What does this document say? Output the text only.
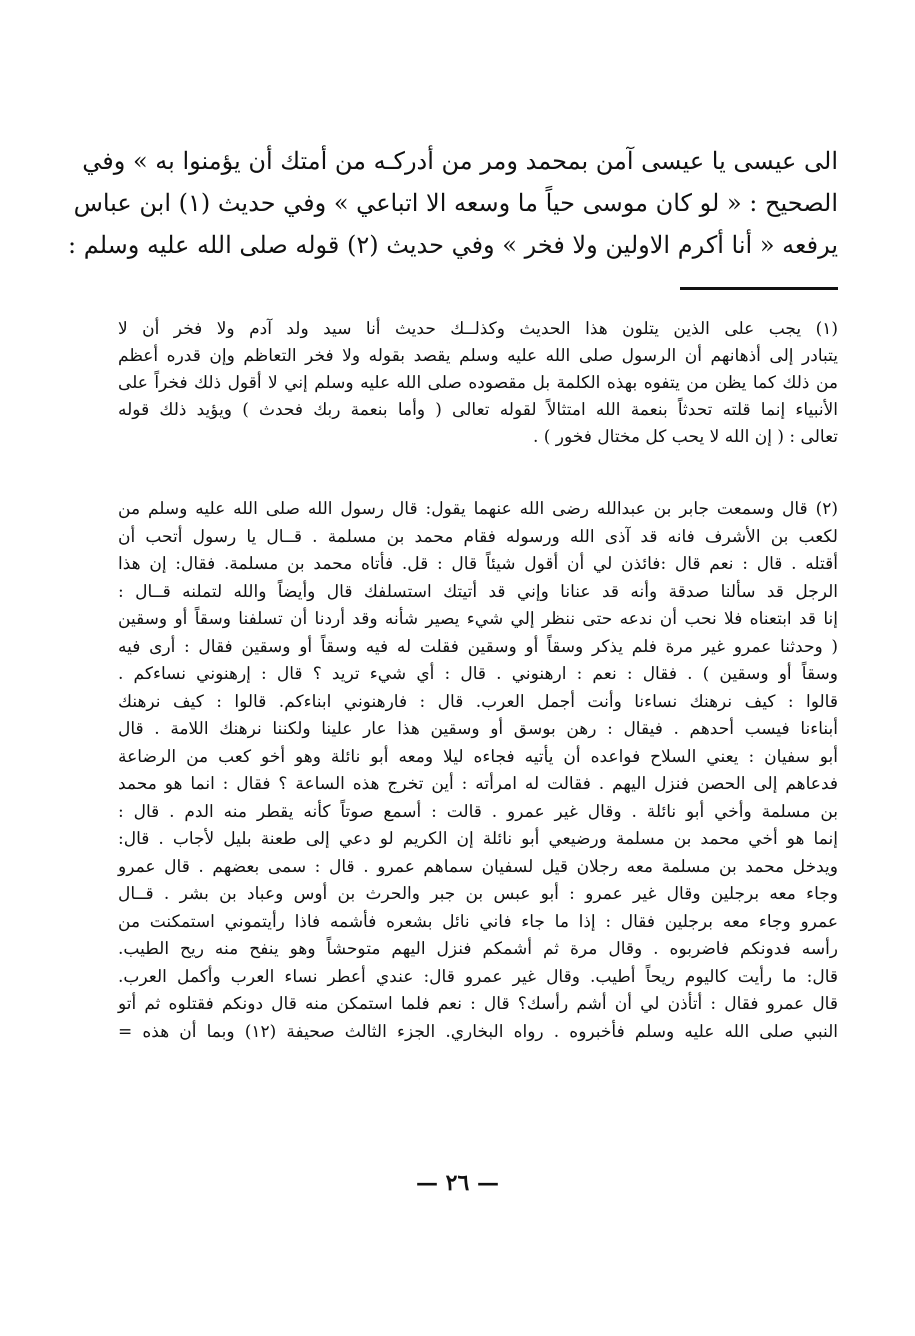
الى عيسى يا عيسى آمن بمحمد ومر من أدركـه من أمتك أن يؤمنوا به » وفي
الصحيح : « لو كان موسى حياً ما وسعه الا اتباعي » وفي حديث (١) ابن عباس
يرفعه « أنا أكرم الاولين ولا فخر » وفي حديث (٢) قوله صلى الله عليه وسلم :
(١) يجب على الذين يتلون هذا الحديث وكذلــك حديث أنا سيد ولد آدم ولا فخر أن لا
يتبادر إلى أذهانهم أن الرسول صلى الله عليه وسلم يقصد بقوله ولا فخر التعاظم وإن قدره أعظم
من ذلك كما يظن من يتفوه بهذه الكلمة بل مقصوده صلى الله عليه وسلم إني لا أقول ذلك فخراً على
الأنبياء إنما قلته تحدثاً بنعمة الله امتثالاً لقوله تعالى ( وأما بنعمة ربك فحدث ) ويؤيد ذلك قوله
تعالى : ( إن الله لا يحب كل مختال فخور ) .
(٢) قال وسمعت جابر بن عبدالله رضى الله عنهما يقول: قال رسول الله صلى الله عليه وسلم من
لكعب بن الأشرف فانه قد آذى الله ورسوله فقام محمد بن مسلمة . قــال يا رسول أتحب أن
أقتله . قال : نعم قال :فائذن لي أن أقول شيئاً قال : قل. فأتاه محمد بن مسلمة. فقال: إن هذا
الرجل قد سألنا صدقة وأنه قد عنانا وإني قد أتيتك استسلفك قال وأيضاً والله لتملنه قــال :
إنا قد ابتعناه فلا نحب أن ندعه حتى ننظر إلي شيء يصير شأنه وقد أردنا أن تسلفنا وسقاً أو وسقين
( وحدثنا عمرو غير مرة فلم يذكر وسقاً أو وسقين فقلت له فيه وسقاً أو وسقين فقال : أرى فيه
وسقاً أو وسقين ) . فقال : نعم : ارهنوني . قال : أي شيء تريد ؟ قال : إرهنوني نساءكم .
قالوا : كيف نرهنك نساءنا وأنت أجمل العرب. قال : فارهنوني ابناءكم. قالوا : كيف نرهنك
أبناءنا فيسب أحدهم . فيقال : رهن بوسق أو وسقين هذا عار علينا ولكننا نرهنك اللامة . قال
أبو سفيان : يعني السلاح فواعده أن يأتيه فجاءه ليلا ومعه أبو نائلة وهو أخو كعب من الرضاعة
فدعاهم إلى الحصن فنزل اليهم . فقالت له امرأته : أين تخرج هذه الساعة ؟ فقال : انما هو محمد
بن مسلمة وأخي أبو نائلة . وقال غير عمرو . قالت : أسمع صوتاً كأنه يقطر منه الدم . قال :
إنما هو أخي محمد بن مسلمة ورضيعي أبو نائلة إن الكريم لو دعي إلى طعنة بليل لأجاب . قال:
ويدخل محمد بن مسلمة معه رجلان قيل لسفيان سماهم عمرو . قال : سمى بعضهم . قال عمرو
وجاء معه برجلين وقال غير عمرو : أبو عبس بن جبر والحرث بن أوس وعباد بن بشر . قــال
عمرو وجاء معه برجلين فقال : إذا ما جاء فاني نائل بشعره فأشمه فاذا رأيتموني استمكنت من
رأسه فدونكم فاضربوه . وقال مرة ثم أشمكم فنزل اليهم متوحشاً وهو ينفح منه ريح الطيب.
قال: ما رأيت كاليوم ريحاً أطيب. وقال غير عمرو قال: عندي أعطر نساء العرب وأكمل العرب.
قال عمرو فقال : أتأذن لي أن أشم رأسك؟ قال : نعم فلما استمكن منه قال دونكم فقتلوه ثم أتو
النبي صلى الله عليه وسلم فأخبروه . رواه البخاري. الجزء الثالث صحيفة (١٢) وبما أن هذه =
— ٢٦ —
